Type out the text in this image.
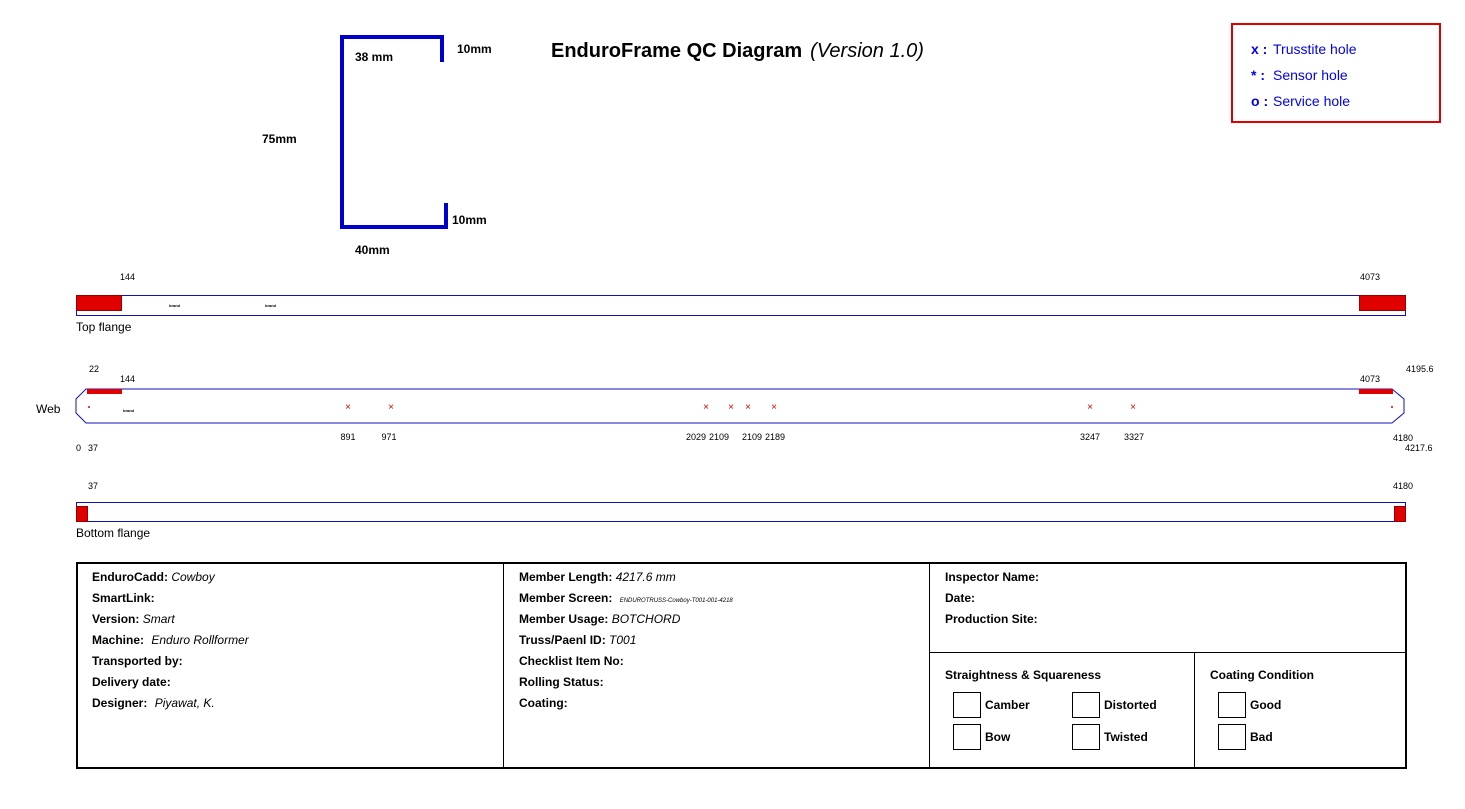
EnduroFrame QC Diagram (Version 1.0)
38 mm
10mm
75mm
10mm
40mm
x : Trusstite hole
* : Sensor hole
o : Service hole
144	4073
brand	brand
Top flange
22
144	4073
4195.6
Web	brand	×	×	× × × ×	×	×
891	971	2029 2109 2109 2189	3247	3327
0 37
4180
4217.6
37	4180
Bottom flange
EnduroCadd: Cowboy
SmartLink:
Version: Smart
Machine: Enduro Rollformer
Transported by:
Delivery date:
Designer: Piyawat, K.
Member Length: 4217.6 mm
Member Screen: ENDUROTRUSS-Cowboy-T001-001-4218
Member Usage: BOTCHORD
Truss/Paenl ID: T001
Checklist Item No:
Rolling Status:
Coating:
Inspector Name:
Date:
Production Site:
Straightness & Squareness
Camber	Distorted
Bow	Twisted
Coating Condition
Good
Bad
